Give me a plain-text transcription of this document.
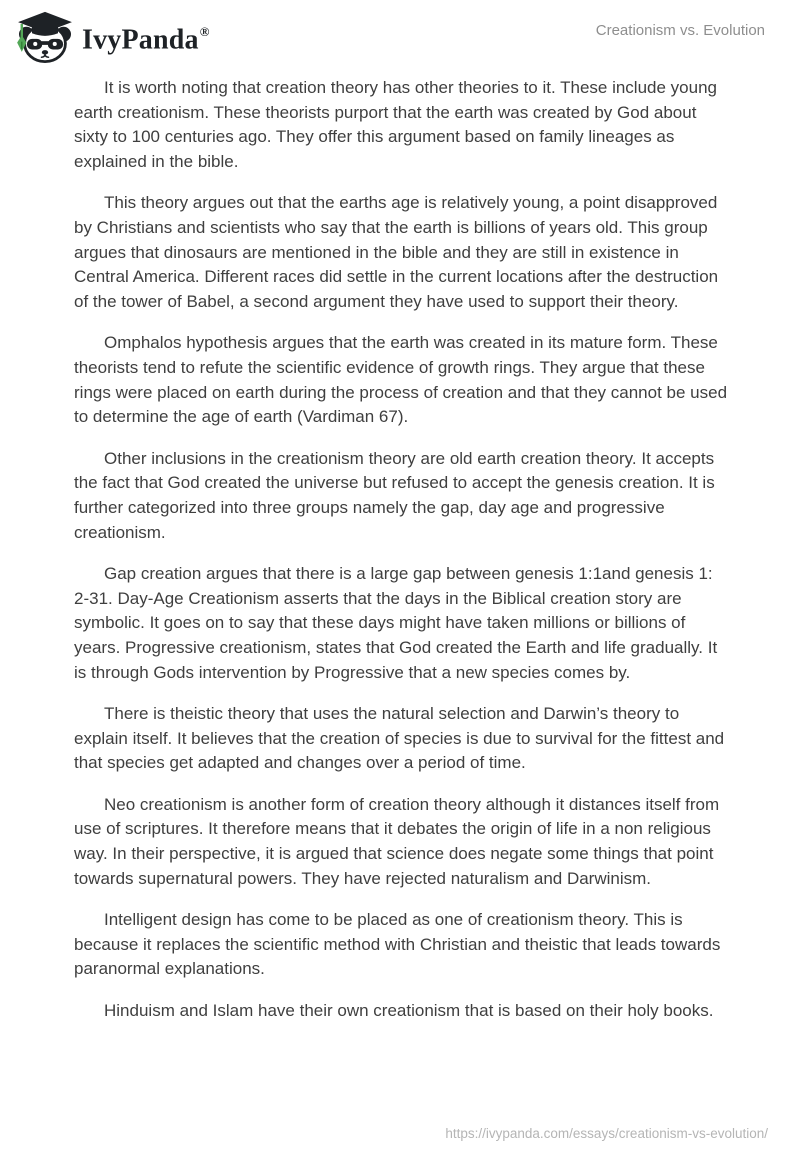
IvyPanda®	Creationism vs. Evolution

It is worth noting that creation theory has other theories to it. These include young earth creationism. These theorists purport that the earth was created by God about sixty to 100 centuries ago. They offer this argument based on family lineages as explained in the bible.

This theory argues out that the earths age is relatively young, a point disapproved by Christians and scientists who say that the earth is billions of years old. This group argues that dinosaurs are mentioned in the bible and they are still in existence in Central America. Different races did settle in the current locations after the destruction of the tower of Babel, a second argument they have used to support their theory.

Omphalos hypothesis argues that the earth was created in its mature form. These theorists tend to refute the scientific evidence of growth rings. They argue that these rings were placed on earth during the process of creation and that they cannot be used to determine the age of earth (Vardiman 67).

Other inclusions in the creationism theory are old earth creation theory. It accepts the fact that God created the universe but refused to accept the genesis creation. It is further categorized into three groups namely the gap, day age and progressive creationism.

Gap creation argues that there is a large gap between genesis 1:1and genesis 1: 2-31. Day-Age Creationism asserts that the days in the Biblical creation story are symbolic. It goes on to say that these days might have taken millions or billions of years. Progressive creationism, states that God created the Earth and life gradually. It is through Gods intervention by Progressive that a new species comes by.

There is theistic theory that uses the natural selection and Darwin’s theory to explain itself. It believes that the creation of species is due to survival for the fittest and that species get adapted and changes over a period of time.

Neo creationism is another form of creation theory although it distances itself from use of scriptures. It therefore means that it debates the origin of life in a non religious way. In their perspective, it is argued that science does negate some things that point towards supernatural powers. They have rejected naturalism and Darwinism.

Intelligent design has come to be placed as one of creationism theory. This is because it replaces the scientific method with Christian and theistic that leads towards paranormal explanations.

Hinduism and Islam have their own creationism that is based on their holy books.

https://ivypanda.com/essays/creationism-vs-evolution/
